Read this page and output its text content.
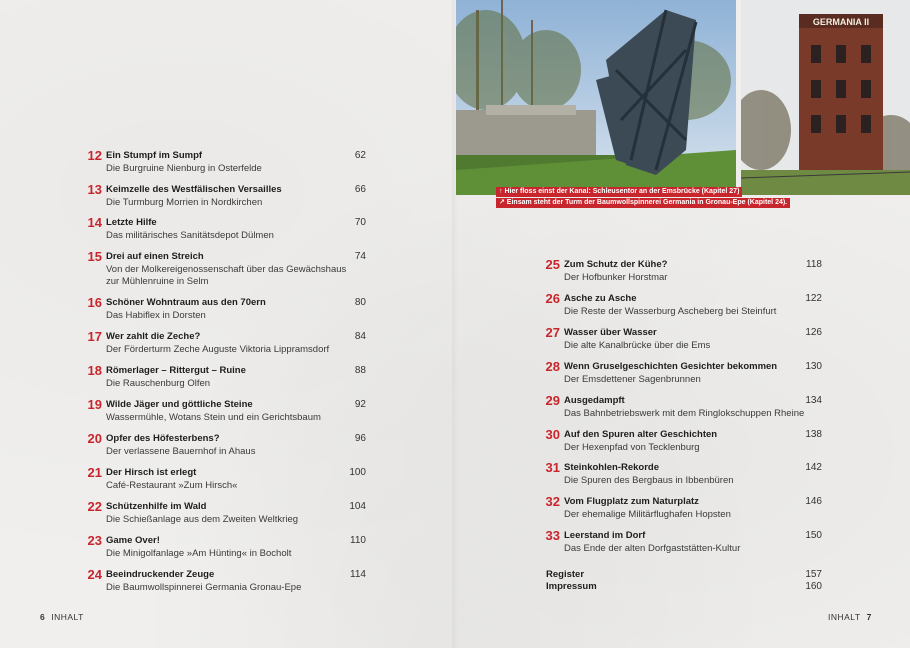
GERMANIA II
↑ Hier floss einst der Kanal: Schleusentor an der Emsbrücke (Kapitel 27)
↗ Einsam steht der Turm der Baumwollspinnerei Germania in Gronau-Epe (Kapitel 24).
12 Ein Stumpf im Sumpf
Die Burgruine Nienburg in Osterfelde
62
13 Keimzelle des Westfälischen Versailles
Die Turmburg Morrien in Nordkirchen
66
14 Letzte Hilfe
Das militärisches Sanitätsdepot Dülmen
70
15 Drei auf einen Streich
Von der Molkereigenossenschaft über das Gewächshaus
zur Mühlenruine in Selm
74
16 Schöner Wohntraum aus den 70ern
Das Habiflex in Dorsten
80
17 Wer zahlt die Zeche?
Der Förderturm Zeche Auguste Viktoria Lippramsdorf
84
18 Römerlager – Rittergut – Ruine
Die Rauschenburg Olfen
88
19 Wilde Jäger und göttliche Steine
Wassermühle, Wotans Stein und ein Gerichtsbaum
92
20 Opfer des Höfesterbens?
Der verlassene Bauernhof in Ahaus
96
21 Der Hirsch ist erlegt
Café-Restaurant »Zum Hirsch«
100
22 Schützenhilfe im Wald
Die Schießanlage aus dem Zweiten Weltkrieg
104
23 Game Over!
Die Minigolfanlage »Am Hünting« in Bocholt
110
24 Beeindruckender Zeuge
Die Baumwollspinnerei Germania Gronau-Epe
114
25 Zum Schutz der Kühe?
Der Hofbunker Horstmar
118
26 Asche zu Asche
Die Reste der Wasserburg Ascheberg bei Steinfurt
122
27 Wasser über Wasser
Die alte Kanalbrücke über die Ems
126
28 Wenn Gruselgeschichten Gesichter bekommen
Der Emsdettener Sagenbrunnen
130
29 Ausgedampft
Das Bahnbetriebswerk mit dem Ringlokschuppen Rheine
134
30 Auf den Spuren alter Geschichten
Der Hexenpfad von Tecklenburg
138
31 Steinkohlen-Rekorde
Die Spuren des Bergbaus in Ibbenbüren
142
32 Vom Flugplatz zum Naturplatz
Der ehemalige Militärflughafen Hopsten
146
33 Leerstand im Dorf
Das Ende der alten Dorfgaststätten-Kultur
150
Register	157
Impressum	160
6 INHALT	INHALT 7
